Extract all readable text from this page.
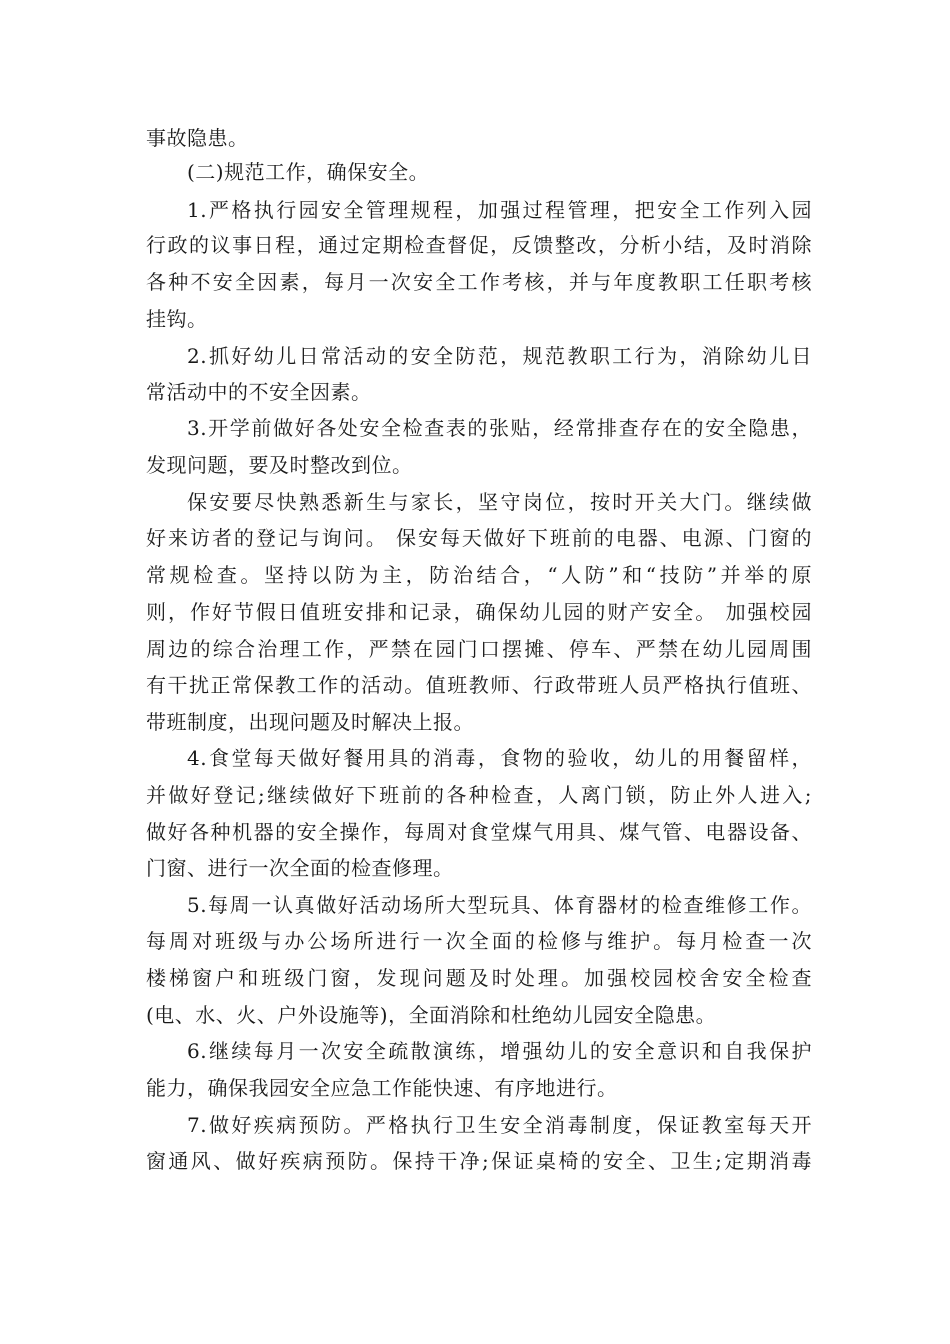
事故隐患。
(二)规范工作，确保安全。
1.严格执行园安全管理规程，加强过程管理，把安全工作列入园
行政的议事日程，通过定期检查督促，反馈整改，分析小结，及时消除
各种不安全因素，每月一次安全工作考核，并与年度教职工任职考核
挂钩。
2.抓好幼儿日常活动的安全防范，规范教职工行为，消除幼儿日
常活动中的不安全因素。
3.开学前做好各处安全检查表的张贴，经常排查存在的安全隐患，
发现问题，要及时整改到位。
保安要尽快熟悉新生与家长，坚守岗位，按时开关大门。继续做
好来访者的登记与询问。 保安每天做好下班前的电器、电源、门窗的
常规检查。坚持以防为主，防治结合，“人防”和“技防”并举的原
则，作好节假日值班安排和记录，确保幼儿园的财产安全。 加强校园
周边的综合治理工作，严禁在园门口摆摊、停车、严禁在幼儿园周围
有干扰正常保教工作的活动。值班教师、行政带班人员严格执行值班、
带班制度，出现问题及时解决上报。
4.食堂每天做好餐用具的消毒，食物的验收，幼儿的用餐留样，
并做好登记;继续做好下班前的各种检查，人离门锁，防止外人进入;
做好各种机器的安全操作，每周对食堂煤气用具、煤气管、电器设备、
门窗、进行一次全面的检查修理。
5.每周一认真做好活动场所大型玩具、体育器材的检查维修工作。
每周对班级与办公场所进行一次全面的检修与维护。每月检查一次
楼梯窗户和班级门窗，发现问题及时处理。加强校园校舍安全检查
(电、水、火、户外设施等)，全面消除和杜绝幼儿园安全隐患。
6.继续每月一次安全疏散演练，增强幼儿的安全意识和自我保护
能力，确保我园安全应急工作能快速、有序地进行。
7.做好疾病预防。严格执行卫生安全消毒制度，保证教室每天开
窗通风、做好疾病预防。保持干净;保证桌椅的安全、卫生;定期消毒
